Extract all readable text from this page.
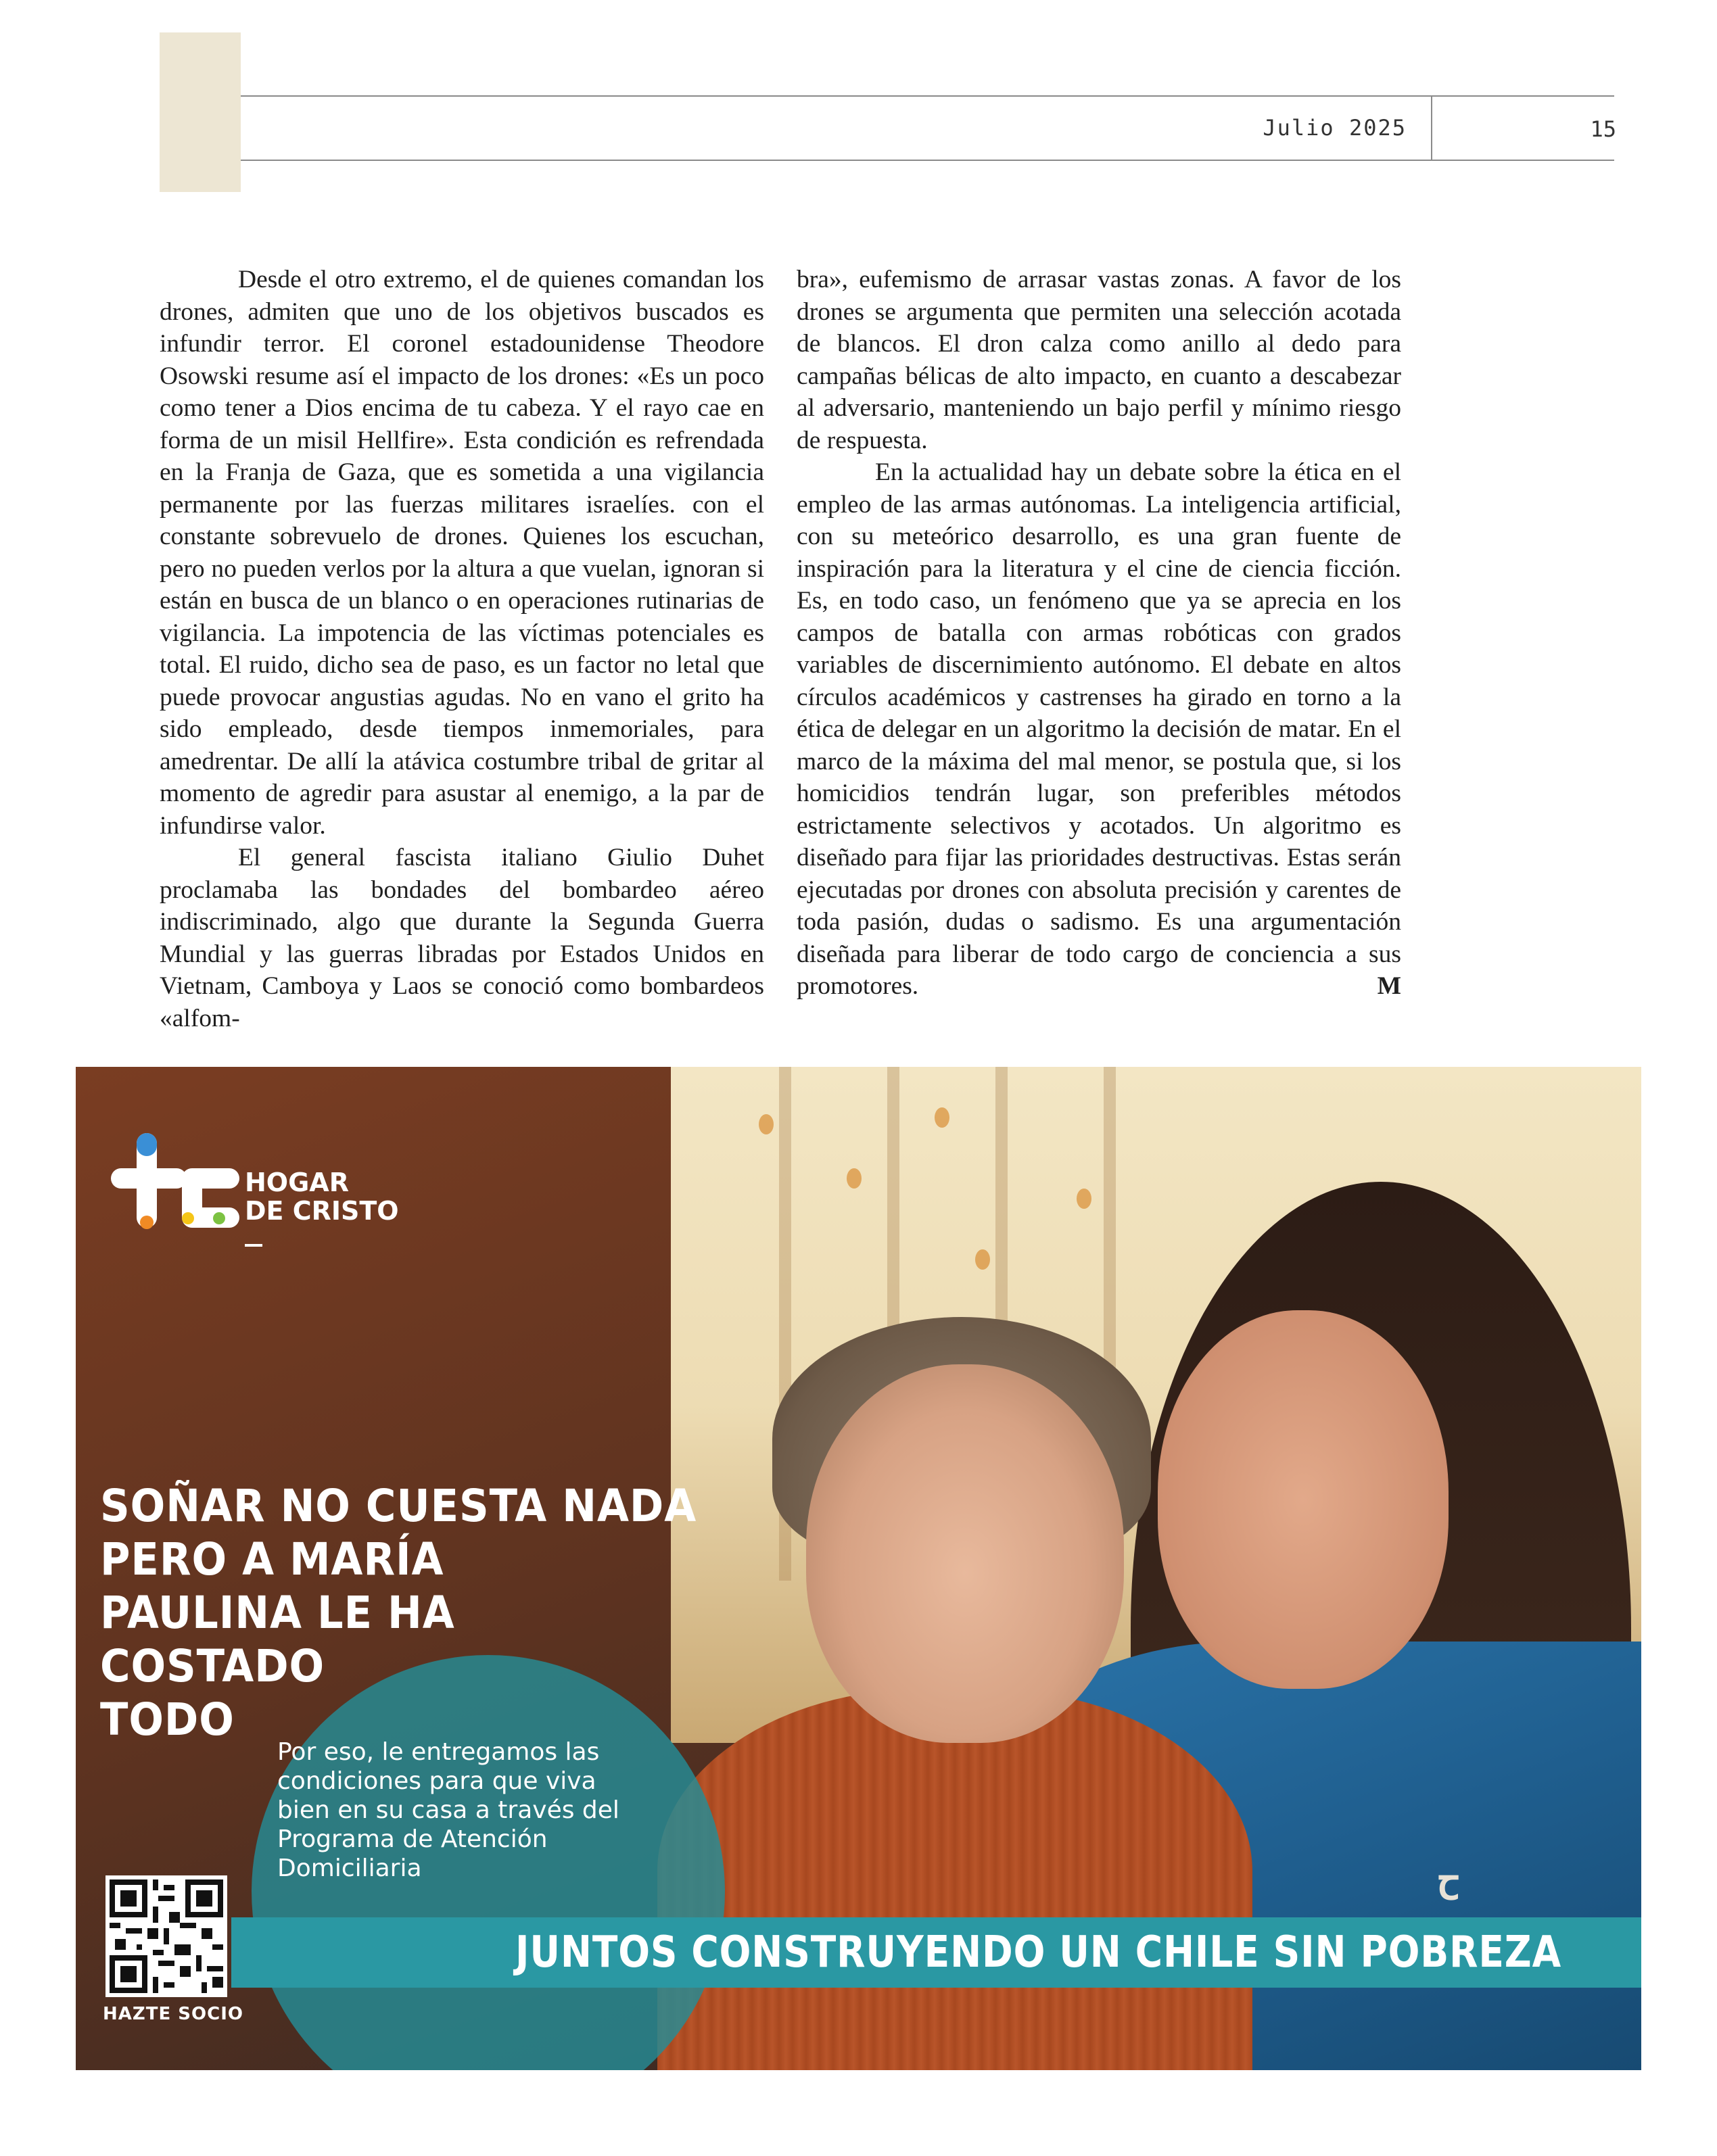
Julio 2025	15

Desde el otro extremo, el de quienes comandan los drones, admiten que uno de los objetivos buscados es infundir terror. El coronel estadounidense Theodore Osowski resume así el impacto de los drones: «Es un poco como tener a Dios encima de tu cabeza. Y el rayo cae en forma de un misil Hellfire». Esta condición es refrendada en la Franja de Gaza, que es sometida a una vigilancia permanente por las fuerzas militares israelíes. con el constante sobrevuelo de drones. Quienes los escuchan, pero no pueden verlos por la altura a que vuelan, ignoran si están en busca de un blanco o en operaciones rutinarias de vigilancia. La impotencia de las víctimas potenciales es total. El ruido, dicho sea de paso, es un factor no letal que puede provocar angustias agudas. No en vano el grito ha sido empleado, desde tiempos inmemoriales, para amedrentar. De allí la atávica costumbre tribal de gritar al momento de agredir para asustar al enemigo, a la par de infundirse valor.

El general fascista italiano Giulio Duhet proclamaba las bondades del bombardeo aéreo indiscriminado, algo que durante la Segunda Guerra Mundial y las guerras libradas por Estados Unidos en Vietnam, Camboya y Laos se conoció como bombardeos «alfom-

bra», eufemismo de arrasar vastas zonas. A favor de los drones se argumenta que permiten una selección acotada de blancos. El dron calza como anillo al dedo para campañas bélicas de alto impacto, en cuanto a descabezar al adversario, manteniendo un bajo perfil y mínimo riesgo de respuesta.

En la actualidad hay un debate sobre la ética en el empleo de las armas autónomas. La inteligencia artificial, con su meteórico desarrollo, es una gran fuente de inspiración para la literatura y el cine de ciencia ficción. Es, en todo caso, un fenómeno que ya se aprecia en los campos de batalla con armas robóticas con grados variables de discernimiento autónomo. El debate en altos círculos académicos y castrenses ha girado en torno a la ética de delegar en un algoritmo la decisión de matar. En el marco de la máxima del mal menor, se postula que, si los homicidios tendrán lugar, son preferibles métodos estrictamente selectivos y acotados. Un algoritmo es diseñado para fijar las prioridades destructivas. Estas serán ejecutadas por drones con absoluta precisión y carentes de toda pasión, dudas o sadismo. Es una argumentación diseñada para liberar de todo cargo de conciencia a sus promotores.	M

ꞇ
JUNTOS CONSTRUYENDO UN CHILE SIN POBREZA
HOGAR
DE CRISTO
SOÑAR NO CUESTA NADA
PERO A MARÍA
PAULINA LE HA
COSTADO
TODO
Por eso, le entregamos las condiciones para que viva bien en su casa a través del Programa de Atención Domiciliaria
HAZTE SOCIO
